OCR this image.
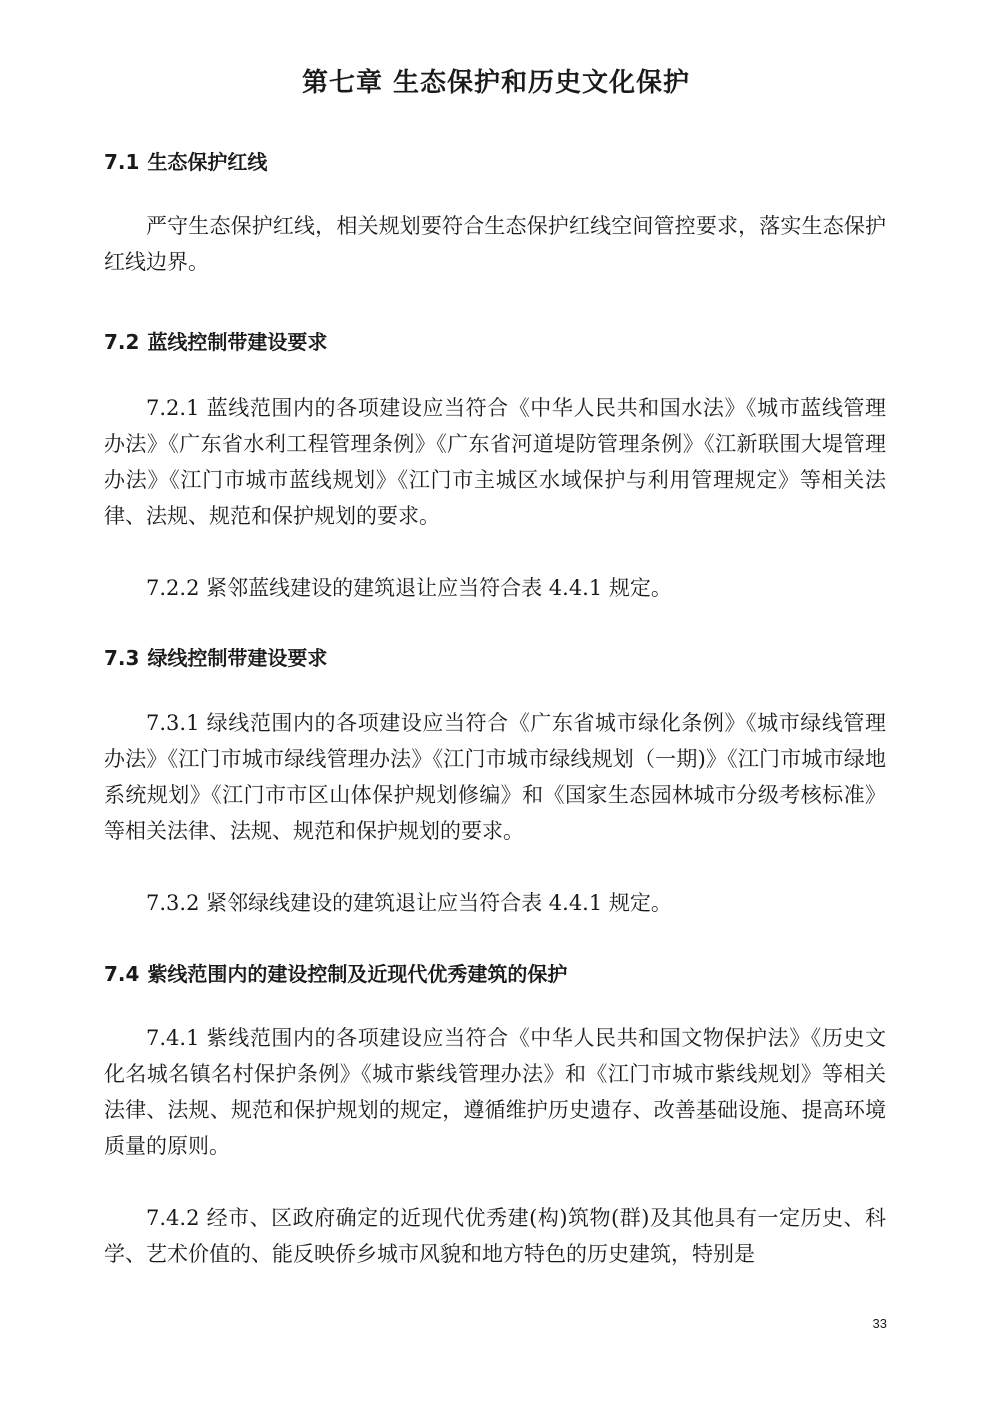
第七章 生态保护和历史文化保护
7.1 生态保护红线

严守生态保护红线，相关规划要符合生态保护红线空间管控要求，落实生态保护红线边界。

7.2 蓝线控制带建设要求

7.2.1 蓝线范围内的各项建设应当符合《中华人民共和国水法》《城市蓝线管理办法》《广东省水利工程管理条例》《广东省河道堤防管理条例》《江新联围大堤管理办法》《江门市城市蓝线规划》《江门市主城区水域保护与利用管理规定》等相关法律、法规、规范和保护规划的要求。

7.2.2 紧邻蓝线建设的建筑退让应当符合表 4.4.1 规定。

7.3 绿线控制带建设要求

7.3.1 绿线范围内的各项建设应当符合《广东省城市绿化条例》《城市绿线管理办法》《江门市城市绿线管理办法》《江门市城市绿线规划（一期)》《江门市城市绿地系统规划》《江门市市区山体保护规划修编》和《国家生态园林城市分级考核标准》等相关法律、法规、规范和保护规划的要求。

7.3.2 紧邻绿线建设的建筑退让应当符合表 4.4.1 规定。

7.4 紫线范围内的建设控制及近现代优秀建筑的保护

7.4.1 紫线范围内的各项建设应当符合《中华人民共和国文物保护法》《历史文化名城名镇名村保护条例》《城市紫线管理办法》和《江门市城市紫线规划》等相关法律、法规、规范和保护规划的规定，遵循维护历史遗存、改善基础设施、提高环境质量的原则。

7.4.2 经市、区政府确定的近现代优秀建(构)筑物(群)及其他具有一定历史、科学、艺术价值的、能反映侨乡城市风貌和地方特色的历史建筑，特别是

33
